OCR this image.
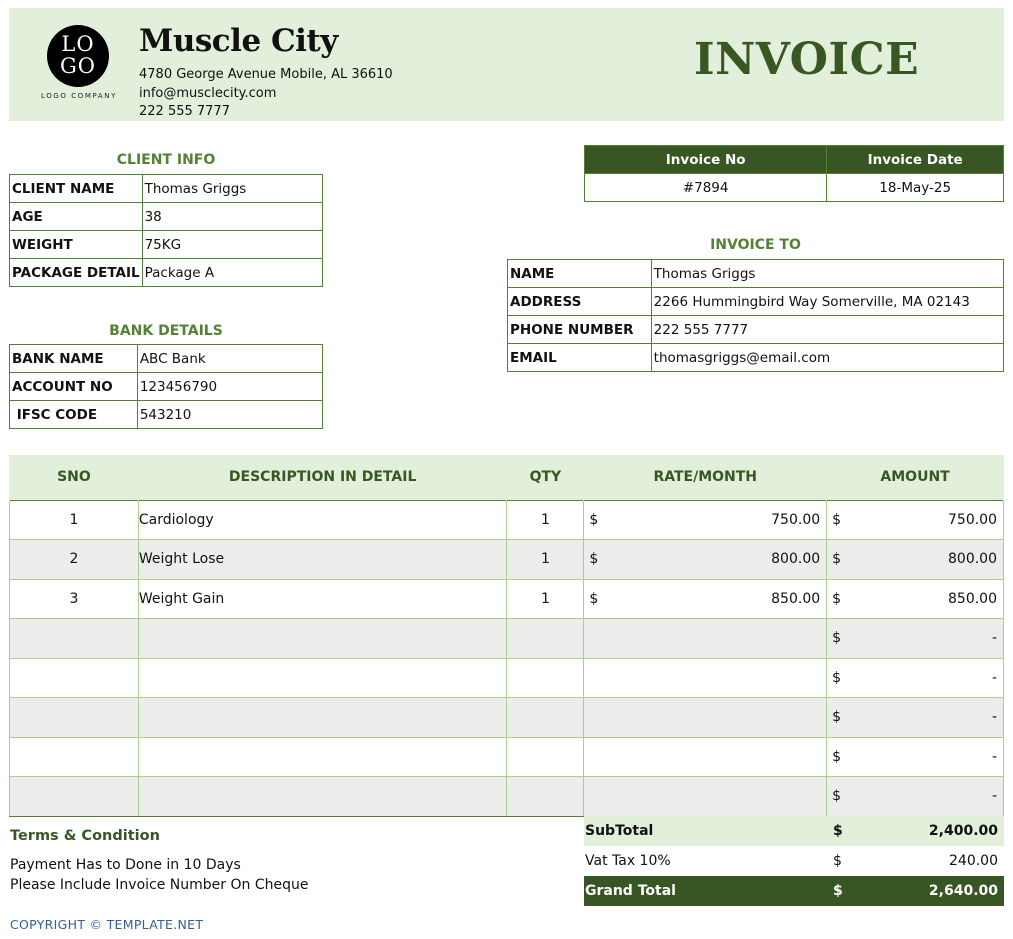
LO
GO
LOGO COMPANY
Muscle City
4780 George Avenue Mobile, AL 36610
info@musclecity.com
222 555 7777
INVOICE
CLIENT INFO
CLIENT NAME	Thomas Griggs
AGE	38
WEIGHT	75KG
PACKAGE DETAIL	Package A
BANK DETAILS
BANK NAME	ABC Bank
ACCOUNT NO	123456790
IFSC CODE	543210
Invoice No	Invoice Date
#7894	18-May-25
INVOICE TO
NAME	Thomas Griggs
ADDRESS	2266 Hummingbird Way Somerville, MA 02143
PHONE NUMBER	222 555 7777
EMAIL	thomasgriggs@email.com
SNO	DESCRIPTION IN DETAIL	QTY	RATE/MONTH	AMOUNT
1	Cardiology	1	$ 750.00	$ 750.00

2	Weight Lose	1	$ 800.00	$ 800.00

3	Weight Gain	1	$ 850.00	$ 850.00

				$ -

				$ -

				$ -

				$ -

				$ -
Terms & Condition
Payment Has to Done in 10 Days
Please Include Invoice Number On Cheque
SubTotal	$	2,400.00
Vat Tax 10%	$	240.00
Grand Total	$	2,640.00
COPYRIGHT © TEMPLATE.NET
